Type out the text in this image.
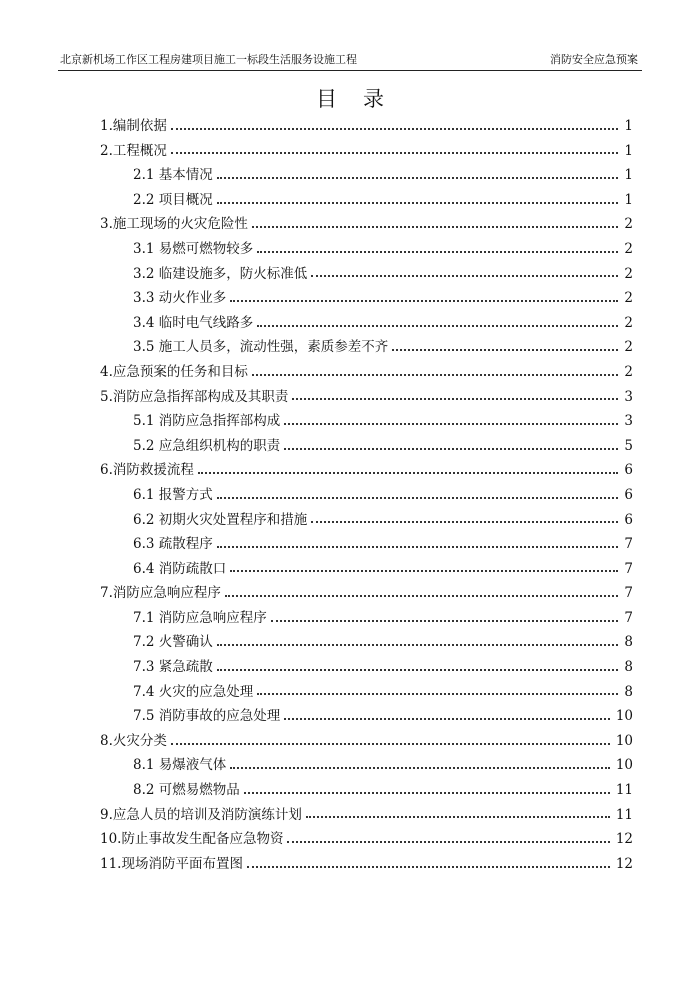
北京新机场工作区工程房建项目施工一标段生活服务设施工程	消防安全应急预案
目录
1.编制依据	1
2.工程概况	1
2.1 基本情况	1
2.2 项目概况	1
3.施工现场的火灾危险性	2
3.1 易燃可燃物较多	2
3.2 临建设施多，防火标准低	2
3.3 动火作业多	2
3.4 临时电气线路多	2
3.5 施工人员多，流动性强，素质参差不齐	2
4.应急预案的任务和目标	2
5.消防应急指挥部构成及其职责	3
5.1 消防应急指挥部构成	3
5.2 应急组织机构的职责	5
6.消防救援流程	6
6.1 报警方式	6
6.2 初期火灾处置程序和措施	6
6.3 疏散程序	7
6.4 消防疏散口	7
7.消防应急响应程序	7
7.1 消防应急响应程序	7
7.2 火警确认	8
7.3 紧急疏散	8
7.4 火灾的应急处理	8
7.5 消防事故的应急处理	10
8.火灾分类	10
8.1 易爆液气体	10
8.2 可燃易燃物品	11
9.应急人员的培训及消防演练计划	11
10.防止事故发生配备应急物资	12
11.现场消防平面布置图	12
